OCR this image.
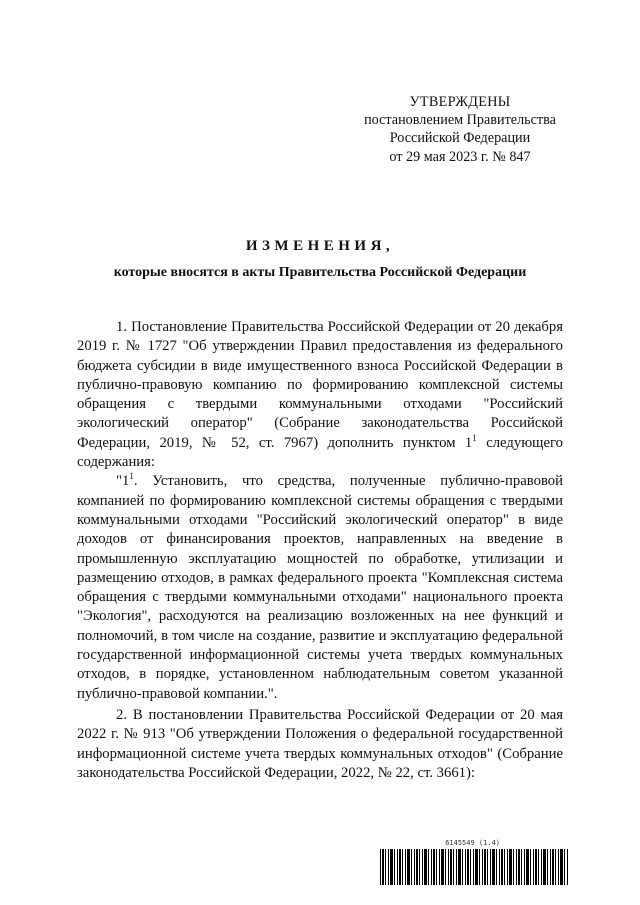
УТВЕРЖДЕНЫ
постановлением Правительства
Российской Федерации
от 29 мая 2023 г. № 847
ИЗМЕНЕНИЯ,
которые вносятся в акты Правительства Российской Федерации

1. Постановление Правительства Российской Федерации от 20 декабря 2019 г. № 1727 "Об утверждении Правил предоставления из федерального бюджета субсидии в виде имущественного взноса Российской Федерации в публично-правовую компанию по формированию комплексной системы обращения с твердыми коммунальными отходами "Российский экологический оператор" (Собрание законодательства Российской Федерации, 2019, № 52, ст. 7967) дополнить пунктом $1^1$ следующего содержания:

"$1^1$. Установить, что средства, полученные публично-правовой компанией по формированию комплексной системы обращения с твердыми коммунальными отходами "Российский экологический оператор" в виде доходов от финансирования проектов, направленных на введение в промышленную эксплуатацию мощностей по обработке, утилизации и размещению отходов, в рамках федерального проекта "Комплексная система обращения с твердыми коммунальными отходами" национального проекта "Экология", расходуются на реализацию возложенных на нее функций и полномочий, в том числе на создание, развитие и эксплуатацию федеральной государственной информационной системы учета твердых коммунальных отходов, в порядке, установленном наблюдательным советом указанной публично-правовой компании.".

2. В постановлении Правительства Российской Федерации от 20 мая 2022 г. № 913 "Об утверждении Положения о федеральной государственной информационной системе учета твердых коммунальных отходов" (Собрание законодательства Российской Федерации, 2022, № 22, ст. 3661):

6145549 (1.4)
